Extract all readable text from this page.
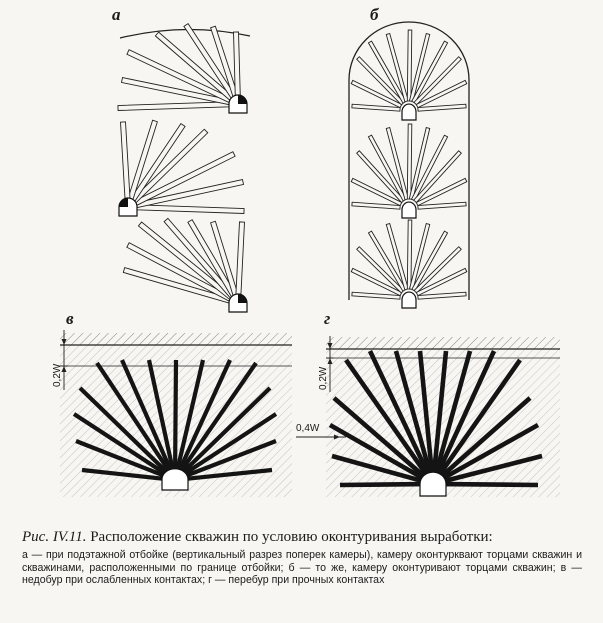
а	б
в	г
0,2W	0,2W
0,4W

Рис. IV.11. Расположение скважин по условию оконтуривания выработки:

а — при подэтажной отбойке (вертикальный разрез поперек камеры), камеру оконтурквают торцами скважин и скважинами, расположенными по границе отбойки; б — то же, камеру оконтуривают торцами скважин; в — недобур при ослабленных контактах; г — перебур при прочных контактах
